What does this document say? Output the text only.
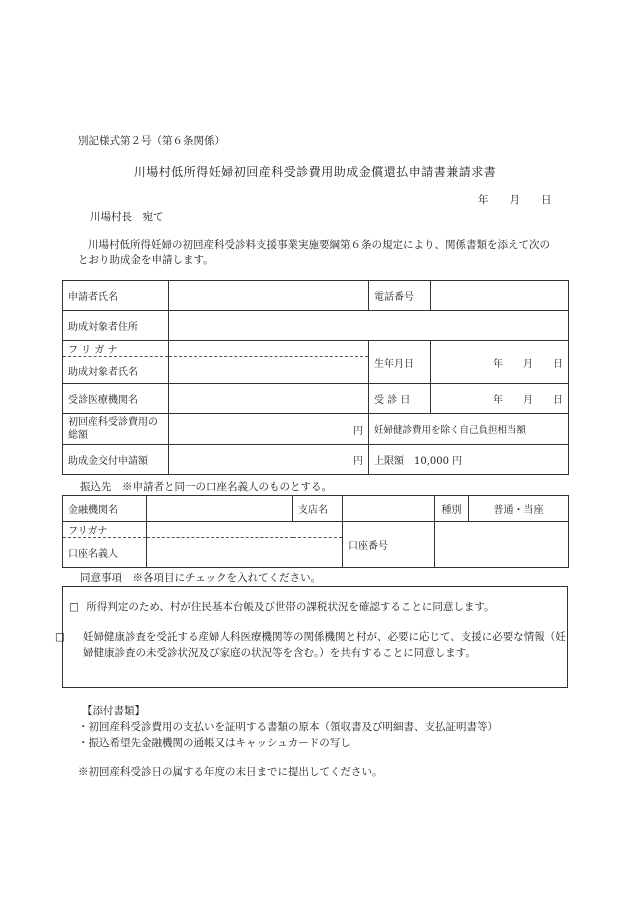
別記様式第２号（第６条関係）
川場村低所得妊婦初回産科受診費用助成金償還払申請書兼請求書
年　　月　　日
川場村長　宛て
川場村低所得妊婦の初回産科受診料支援事業実施要綱第６条の規定により、関係書類を添えて次のとおり助成金を申請します。
申請者氏名		電話番号	
助成対象者住所			
フ リ ガ ナ		生年月日	年　　月　　日
助成対象者氏名			
受診医療機関名		受 診 日	年　　月　　日
初回産科受診費用の総額	円	妊婦健診費用を除く自己負担相当額	
助成金交付申請額	円	上限額　10,000 円	
振込先　※申請者と同一の口座名義人のものとする。
金融機関名		支店名		種別	普通・当座
フリガナ			口座番号		
口座名義人					
同意事項　※各項目にチェックを入れてください。
□ 所得判定のため、村が住民基本台帳及び世帯の課税状況を確認することに同意します。
□ 妊婦健康診査を受託する産婦人科医療機関等の関係機関と村が、必要に応じて、支援に必要な情報（妊婦健康診査の未受診状況及び家庭の状況等を含む。）を共有することに同意します。
【添付書類】
・初回産科受診費用の支払いを証明する書類の原本（領収書及び明細書、支払証明書等）
・振込希望先金融機関の通帳又はキャッシュカードの写し
※初回産科受診日の属する年度の末日までに提出してください。
